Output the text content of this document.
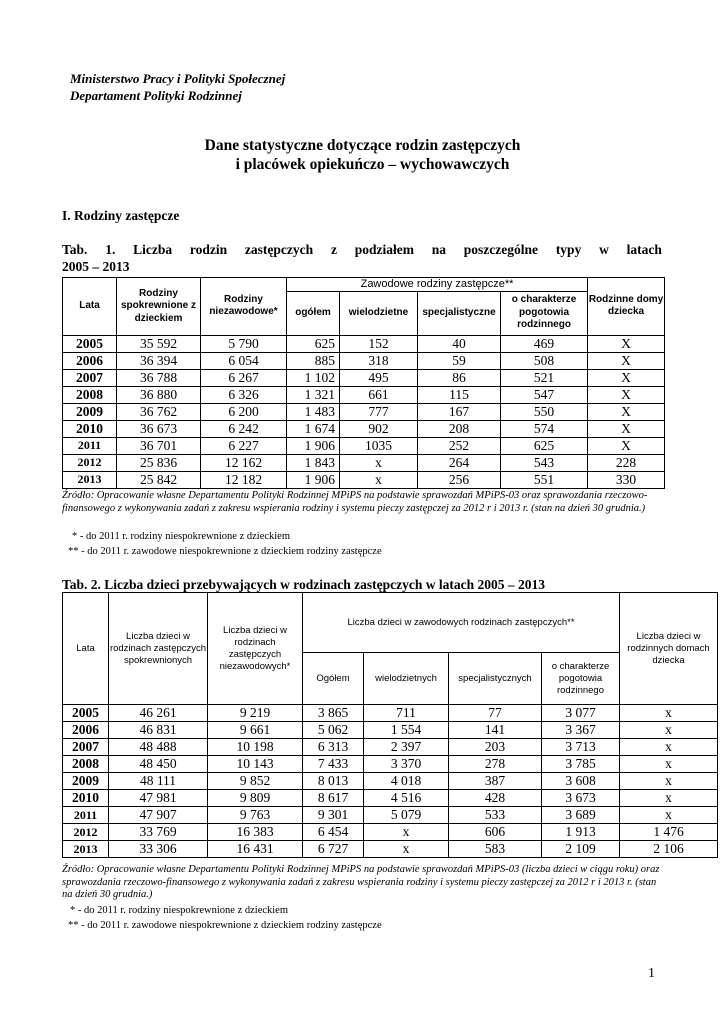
Ministerstwo Pracy i Polityki Społecznej
Departament Polityki Rodzinnej
Dane statystyczne dotyczące rodzin zastępczych
i placówek opiekuńczo – wychowawczych
I. Rodziny zastępcze
Tab. 1. Liczba rodzin zastępczych z podziałem na poszczególne typy w latach
2005 – 2013
Lata	Rodziny spokrewnione z dzieckiem	Rodziny niezawodowe*	Zawodowe rodziny zastępcze**				Rodzinne domy dziecka
			ogółem	wielodzietne	specjalistyczne	o charakterze pogotowia rodzinnego	
2005	35 592	5 790	625	152	40	469	X
2006	36 394	6 054	885	318	59	508	X
2007	36 788	6 267	1 102	495	86	521	X
2008	36 880	6 326	1 321	661	115	547	X
2009	36 762	6 200	1 483	777	167	550	X
2010	36 673	6 242	1 674	902	208	574	X
2011	36 701	6 227	1 906	1035	252	625	X
2012	25 836	12 162	1 843	x	264	543	228
2013	25 842	12 182	1 906	x	256	551	330
Źródło: Opracowanie własne Departamentu Polityki Rodzinnej MPiPS na podstawie sprawozdań MPiPS-03 oraz sprawozdania rzeczowo-finansowego z wykonywania zadań z zakresu wspierania rodziny i systemu pieczy zastępczej za 2012 r i 2013 r. (stan na dzień 30 grudnia.)
* - do 2011 r. rodziny niespokrewnione z dzieckiem
** - do 2011 r. zawodowe niespokrewnione z dzieckiem rodziny zastępcze
Tab. 2. Liczba dzieci przebywających w rodzinach zastępczych w latach 2005 – 2013
Lata	Liczba dzieci w rodzinach zastępczych spokrewnionych	Liczba dzieci w rodzinach zastępczych niezawodowych*	Liczba dzieci w zawodowych rodzinach zastępczych**				Liczba dzieci w rodzinnych domach dziecka
			Ogółem	wielodzietnych	specjalistycznych	o charakterze pogotowia rodzinnego	
2005	46 261	9 219	3 865	711	77	3 077	x
2006	46 831	9 661	5 062	1 554	141	3 367	x
2007	48 488	10 198	6 313	2 397	203	3 713	x
2008	48 450	10 143	7 433	3 370	278	3 785	x
2009	48 111	9 852	8 013	4 018	387	3 608	x
2010	47 981	9 809	8 617	4 516	428	3 673	x
2011	47 907	9 763	9 301	5 079	533	3 689	x
2012	33 769	16 383	6 454	x	606	1 913	1 476
2013	33 306	16 431	6 727	x	583	2 109	2 106
Źródło: Opracowanie własne Departamentu Polityki Rodzinnej MPiPS na podstawie sprawozdań MPiPS-03 (liczba dzieci w ciągu roku) oraz sprawozdania rzeczowo-finansowego z wykonywania zadań z zakresu wspierania rodziny i systemu pieczy zastępczej za 2012 r i 2013 r. (stan na dzień 30 grudnia.)
* - do 2011 r. rodziny niespokrewnione z dzieckiem
** - do 2011 r. zawodowe niespokrewnione z dzieckiem rodziny zastępcze
1
